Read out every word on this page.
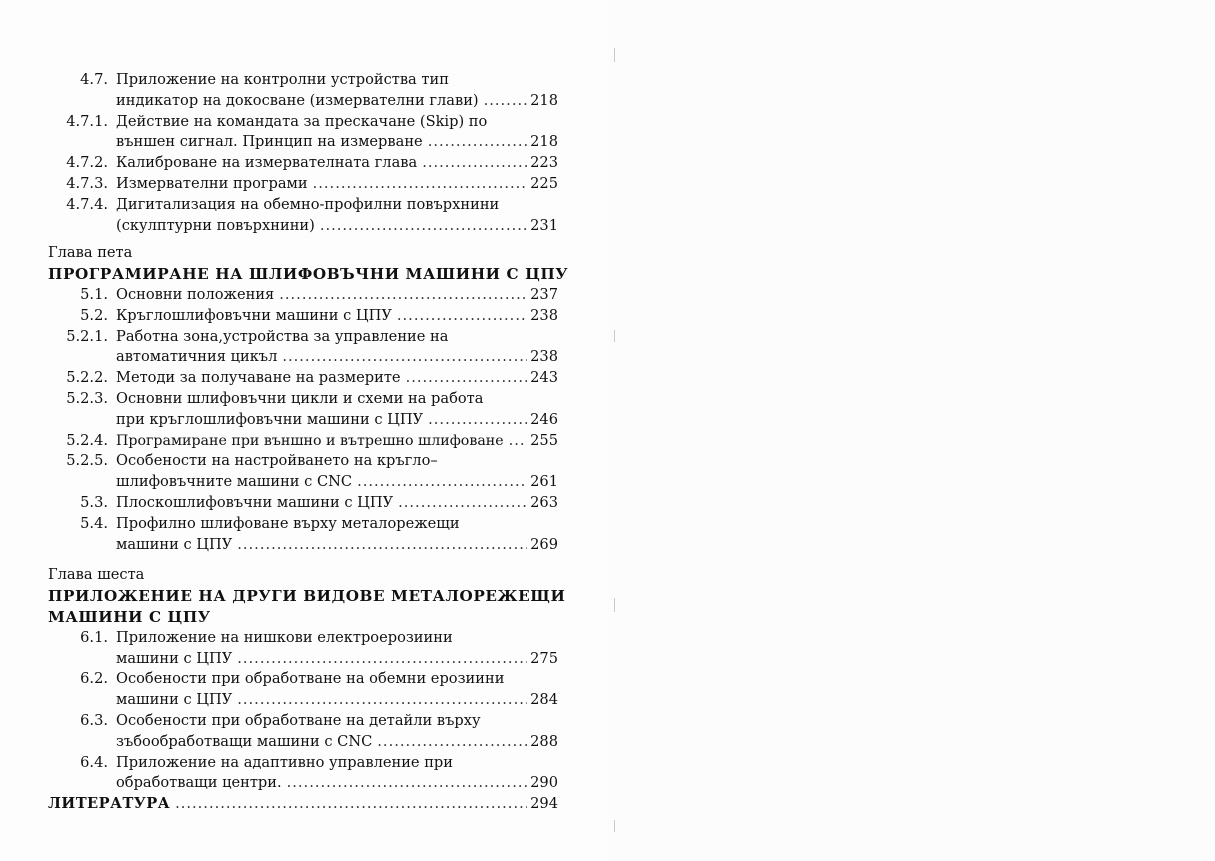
4.7. Приложение на контролни устройства тип
индикатор на докосване (измервателни глави) .....	218
4.7.1. Действие на командата за прескачане (Skip) по
външен сигнал. Принцип на измерване .....	218
4.7.2. Калиброване на измервателната глава .....	223
4.7.3. Измервателни програми .....	225
4.7.4. Дигитализация на обемно-профилни повърхнини
(скулптурни повърхнини) .....	231
Глава пета
ПРОГРАМИРАНЕ НА ШЛИФОВЪЧНИ МАШИНИ С ЦПУ
5.1. Основни положения .....	237
5.2. Кръглошлифовъчни машини с ЦПУ .....	238
5.2.1. Работна зона,устройства за управление на
автоматичния цикъл .....	238
5.2.2. Методи за получаване на размерите .....	243
5.2.3. Основни шлифовъчни цикли и схеми на работа
при кръглошлифовъчни машини с ЦПУ .....	246
5.2.4. Програмиране при външно и вътрешно шлифоване ..... 255
5.2.5. Особености на настройването на кръгло–
шлифовъчните машини с CNC .....	261
5.3. Плоскошлифовъчни машини с ЦПУ .....	263
5.4. Профилно шлифоване върху металорежещи
машини с ЦПУ .....	269
Глава шеста
ПРИЛОЖЕНИЕ НА ДРУГИ ВИДОВЕ МЕТАЛОРЕЖЕЩИ
МАШИНИ С ЦПУ
6.1. Приложение на нишкови електроерозиини
машини с ЦПУ .....	275
6.2. Особености при обработване на обемни ерозиини
машини с ЦПУ .....	284
6.3. Особености при обработване на детайли върху
зъбообработващи машини с CNC .....	288
6.4. Приложение на адаптивно управление при
обработващи центри. .....	290
ЛИТЕРАТУРА .....	294
